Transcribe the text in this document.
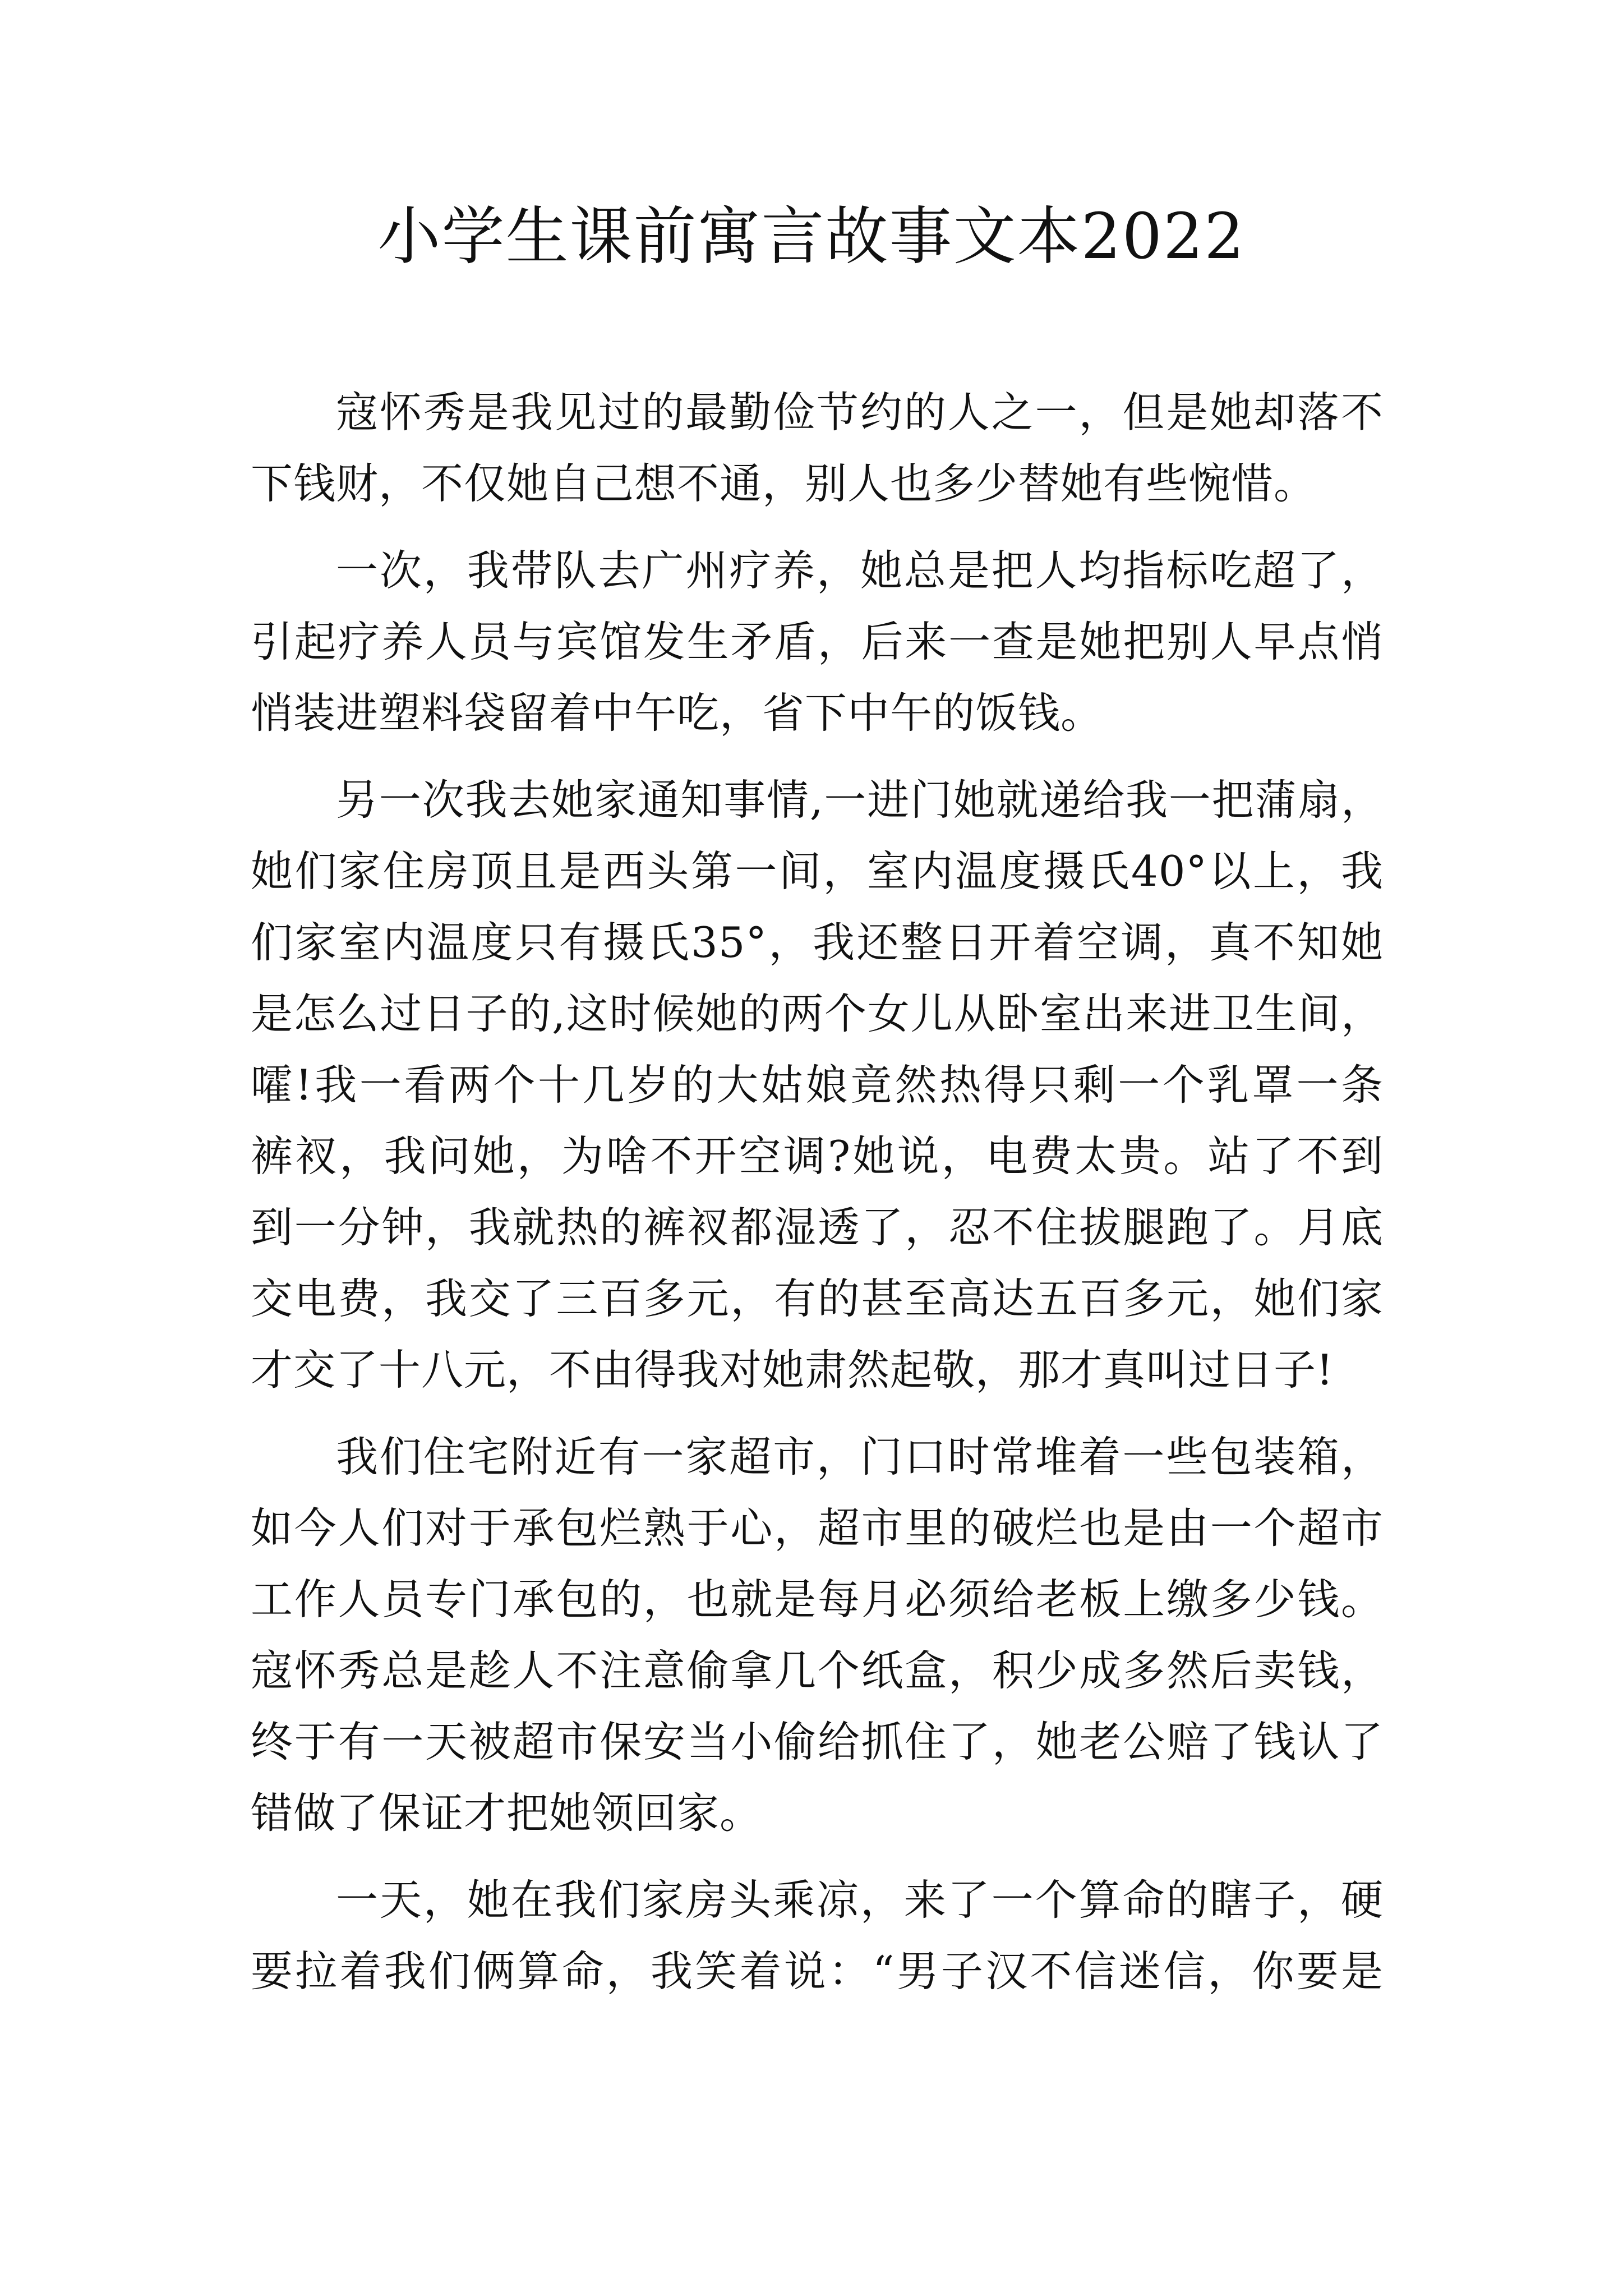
小学生课前寓言故事文本2022
寇怀秀是我见过的最勤俭节约的人之一，但是她却落不
下钱财，不仅她自己想不通，别人也多少替她有些惋惜。
一次，我带队去广州疗养，她总是把人均指标吃超了，
引起疗养人员与宾馆发生矛盾，后来一查是她把别人早点悄
悄装进塑料袋留着中午吃，省下中午的饭钱。
另一次我去她家通知事情,一进门她就递给我一把蒲扇，
她们家住房顶且是西头第一间，室内温度摄氏40°以上，我
们家室内温度只有摄氏35°，我还整日开着空调，真不知她
是怎么过日子的,这时候她的两个女儿从卧室出来进卫生间，
嚯!我一看两个十几岁的大姑娘竟然热得只剩一个乳罩一条
裤衩，我问她，为啥不开空调?她说，电费太贵。站了不到
到一分钟，我就热的裤衩都湿透了，忍不住拔腿跑了。月底
交电费，我交了三百多元，有的甚至高达五百多元，她们家
才交了十八元，不由得我对她肃然起敬，那才真叫过日子!
我们住宅附近有一家超市，门口时常堆着一些包装箱，
如今人们对于承包烂熟于心，超市里的破烂也是由一个超市
工作人员专门承包的，也就是每月必须给老板上缴多少钱。
寇怀秀总是趁人不注意偷拿几个纸盒，积少成多然后卖钱，
终于有一天被超市保安当小偷给抓住了，她老公赔了钱认了
错做了保证才把她领回家。
一天，她在我们家房头乘凉，来了一个算命的瞎子，硬
要拉着我们俩算命，我笑着说：“男子汉不信迷信，你要是
